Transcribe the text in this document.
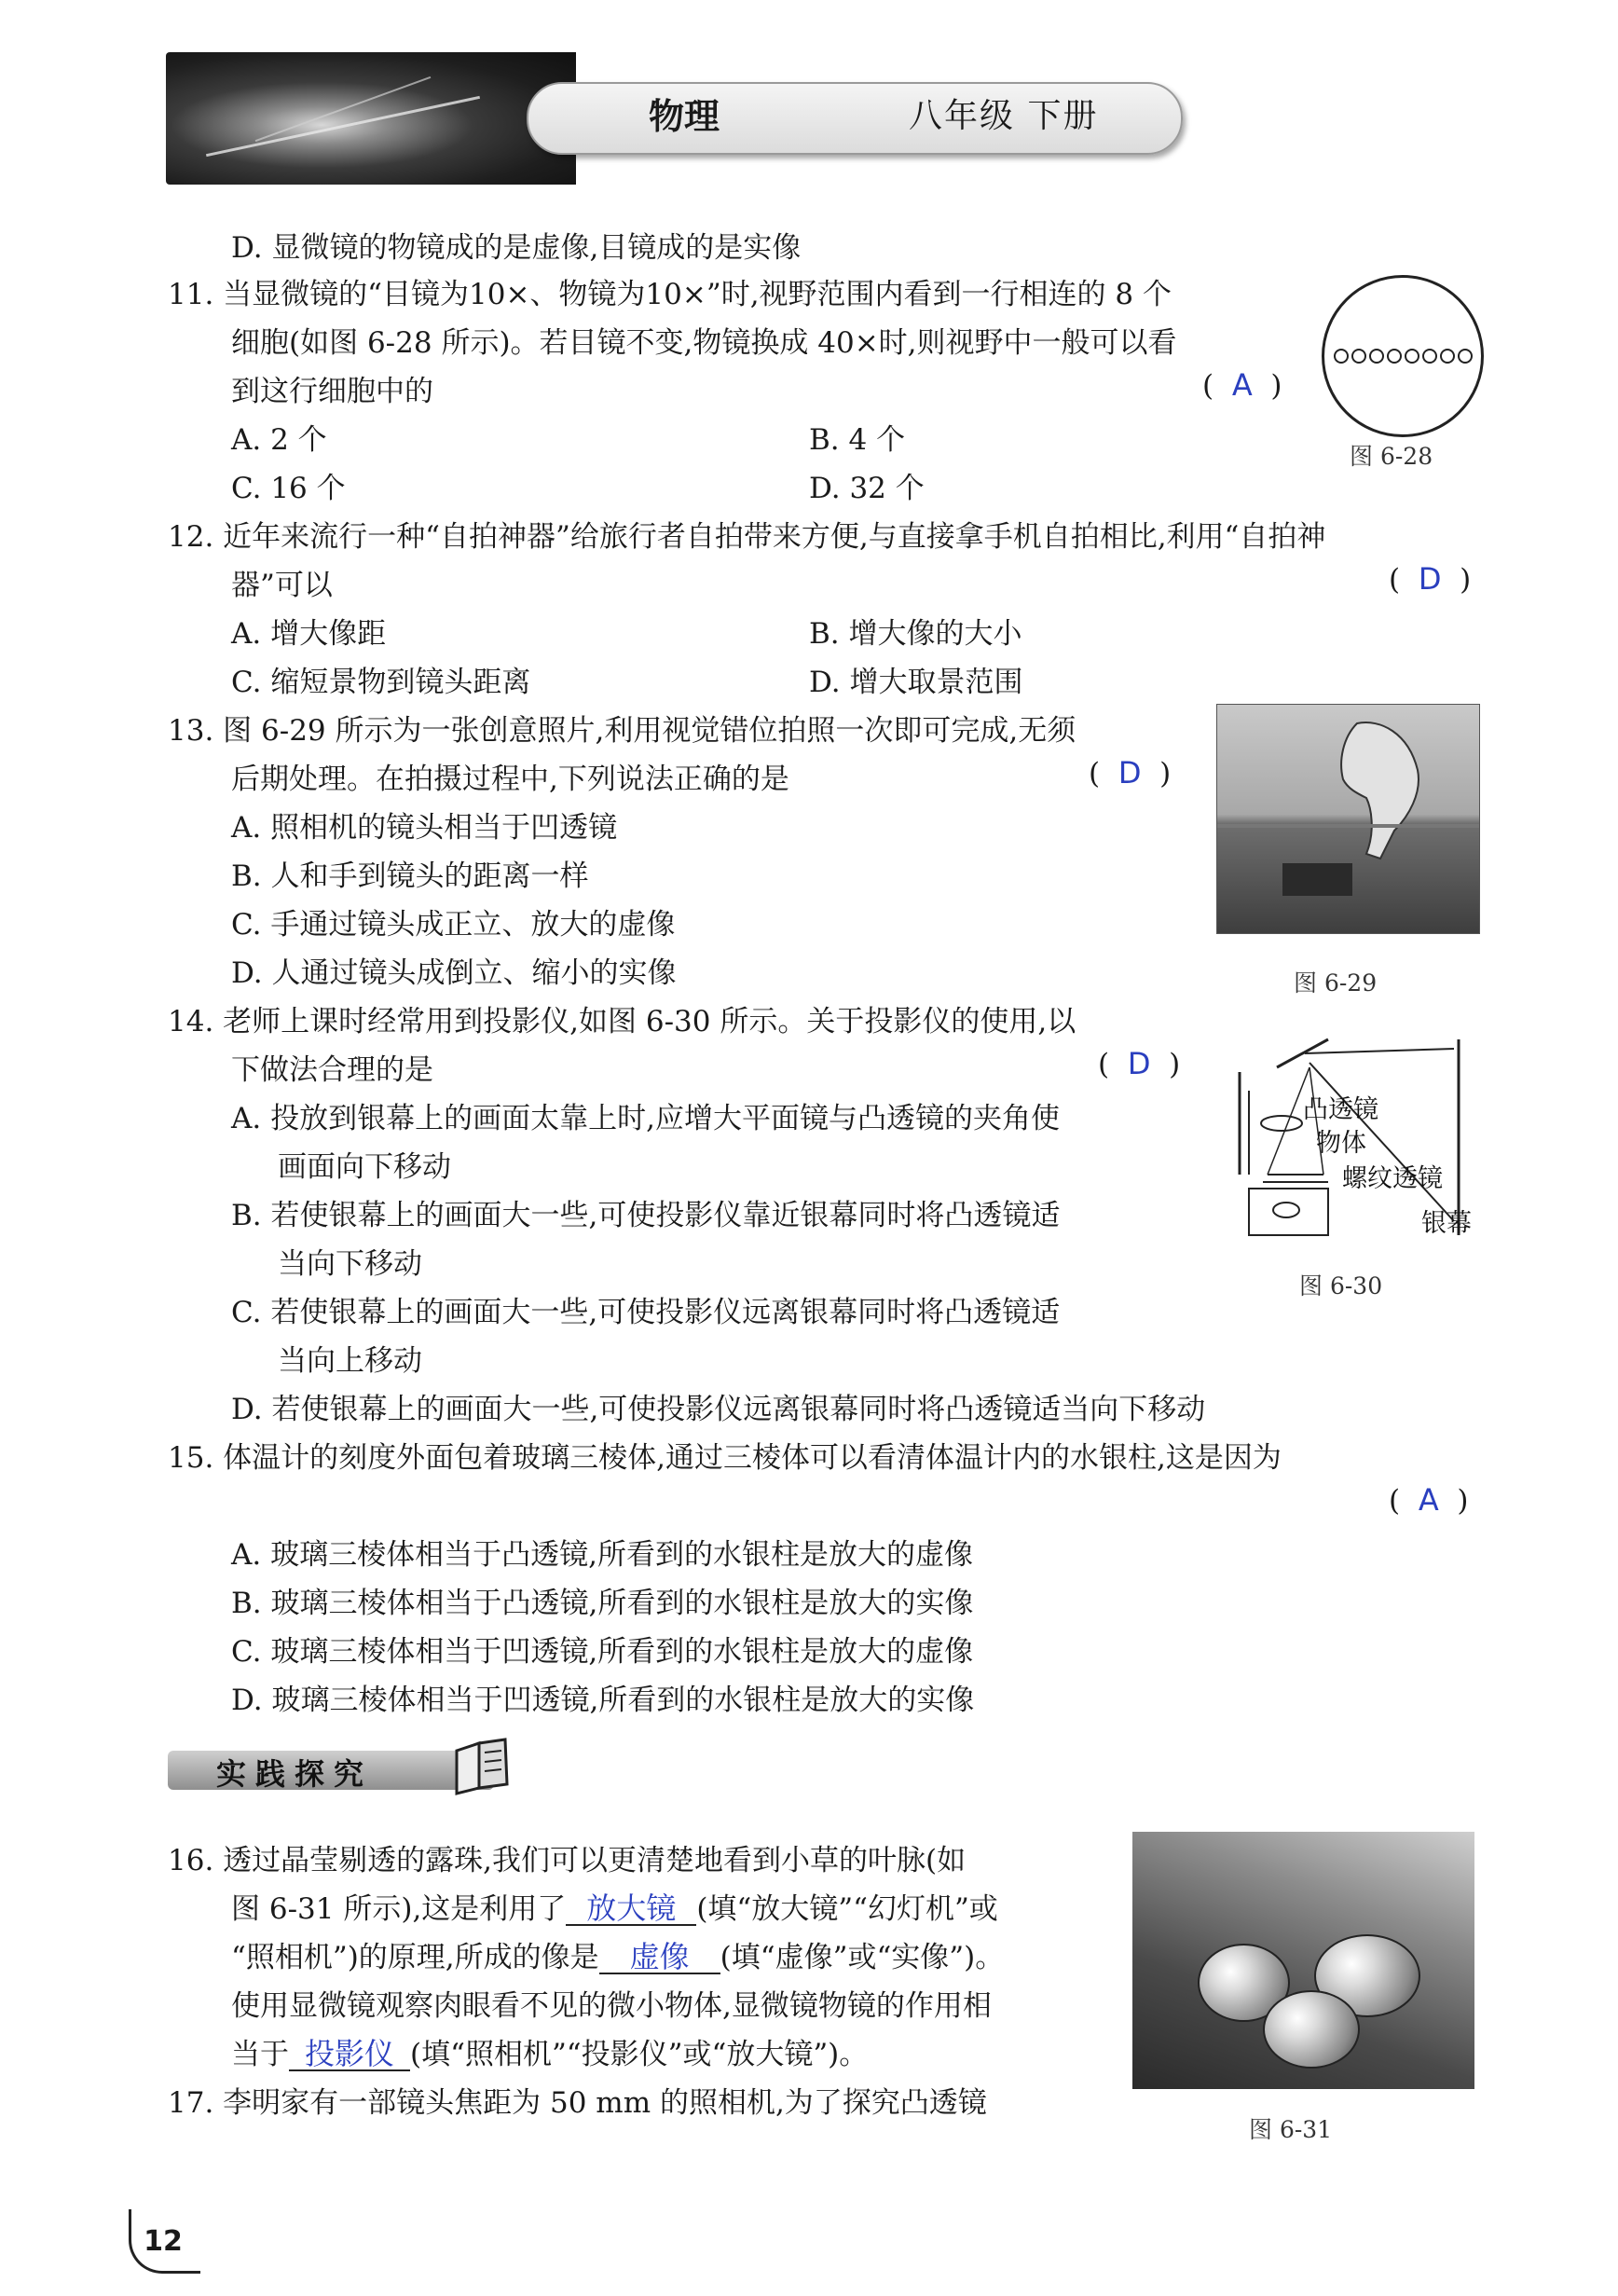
物理	八年级 下册
D. 显微镜的物镜成的是虚像,目镜成的是实像
11. 当显微镜的“目镜为10×、物镜为10×”时,视野范围内看到一行相连的 8 个
细胞(如图 6-28 所示)。若目镜不变,物镜换成 40×时,则视野中一般可以看
到这行细胞中的	(  A  )
A. 2 个	B. 4 个
C. 16 个	D. 32 个
图 6-28
12. 近年来流行一种“自拍神器”给旅行者自拍带来方便,与直接拿手机自拍相比,利用“自拍神
器”可以	(  D  )
A. 增大像距	B. 增大像的大小
C. 缩短景物到镜头距离	D. 增大取景范围
13. 图 6-29 所示为一张创意照片,利用视觉错位拍照一次即可完成,无须
后期处理。在拍摄过程中,下列说法正确的是	(  D  )
A. 照相机的镜头相当于凹透镜
B. 人和手到镜头的距离一样
C. 手通过镜头成正立、放大的虚像
D. 人通过镜头成倒立、缩小的实像	图 6-29
14. 老师上课时经常用到投影仪,如图 6-30 所示。关于投影仪的使用,以
下做法合理的是	(  D  )
A. 投放到银幕上的画面太靠上时,应增大平面镜与凸透镜的夹角使
画面向下移动
B. 若使银幕上的画面大一些,可使投影仪靠近银幕同时将凸透镜适
当向下移动
C. 若使银幕上的画面大一些,可使投影仪远离银幕同时将凸透镜适
当向上移动
D. 若使银幕上的画面大一些,可使投影仪远离银幕同时将凸透镜适当向下移动
凸透镜
物体
螺纹透镜
银幕
图 6-30
15. 体温计的刻度外面包着玻璃三棱体,通过三棱体可以看清体温计内的水银柱,这是因为
(  A  )
A. 玻璃三棱体相当于凸透镜,所看到的水银柱是放大的虚像
B. 玻璃三棱体相当于凸透镜,所看到的水银柱是放大的实像
C. 玻璃三棱体相当于凹透镜,所看到的水银柱是放大的虚像
D. 玻璃三棱体相当于凹透镜,所看到的水银柱是放大的实像
实践探究
16. 透过晶莹剔透的露珠,我们可以更清楚地看到小草的叶脉(如
图 6-31 所示),这是利用了 放大镜 (填“放大镜”“幻灯机”或
“照相机”)的原理,所成的像是 虚像 (填“虚像”或“实像”)。
使用显微镜观察肉眼看不见的微小物体,显微镜物镜的作用相
当于 投影仪 (填“照相机”“投影仪”或“放大镜”)。
图 6-31
17. 李明家有一部镜头焦距为 50 mm 的照相机,为了探究凸透镜
12
